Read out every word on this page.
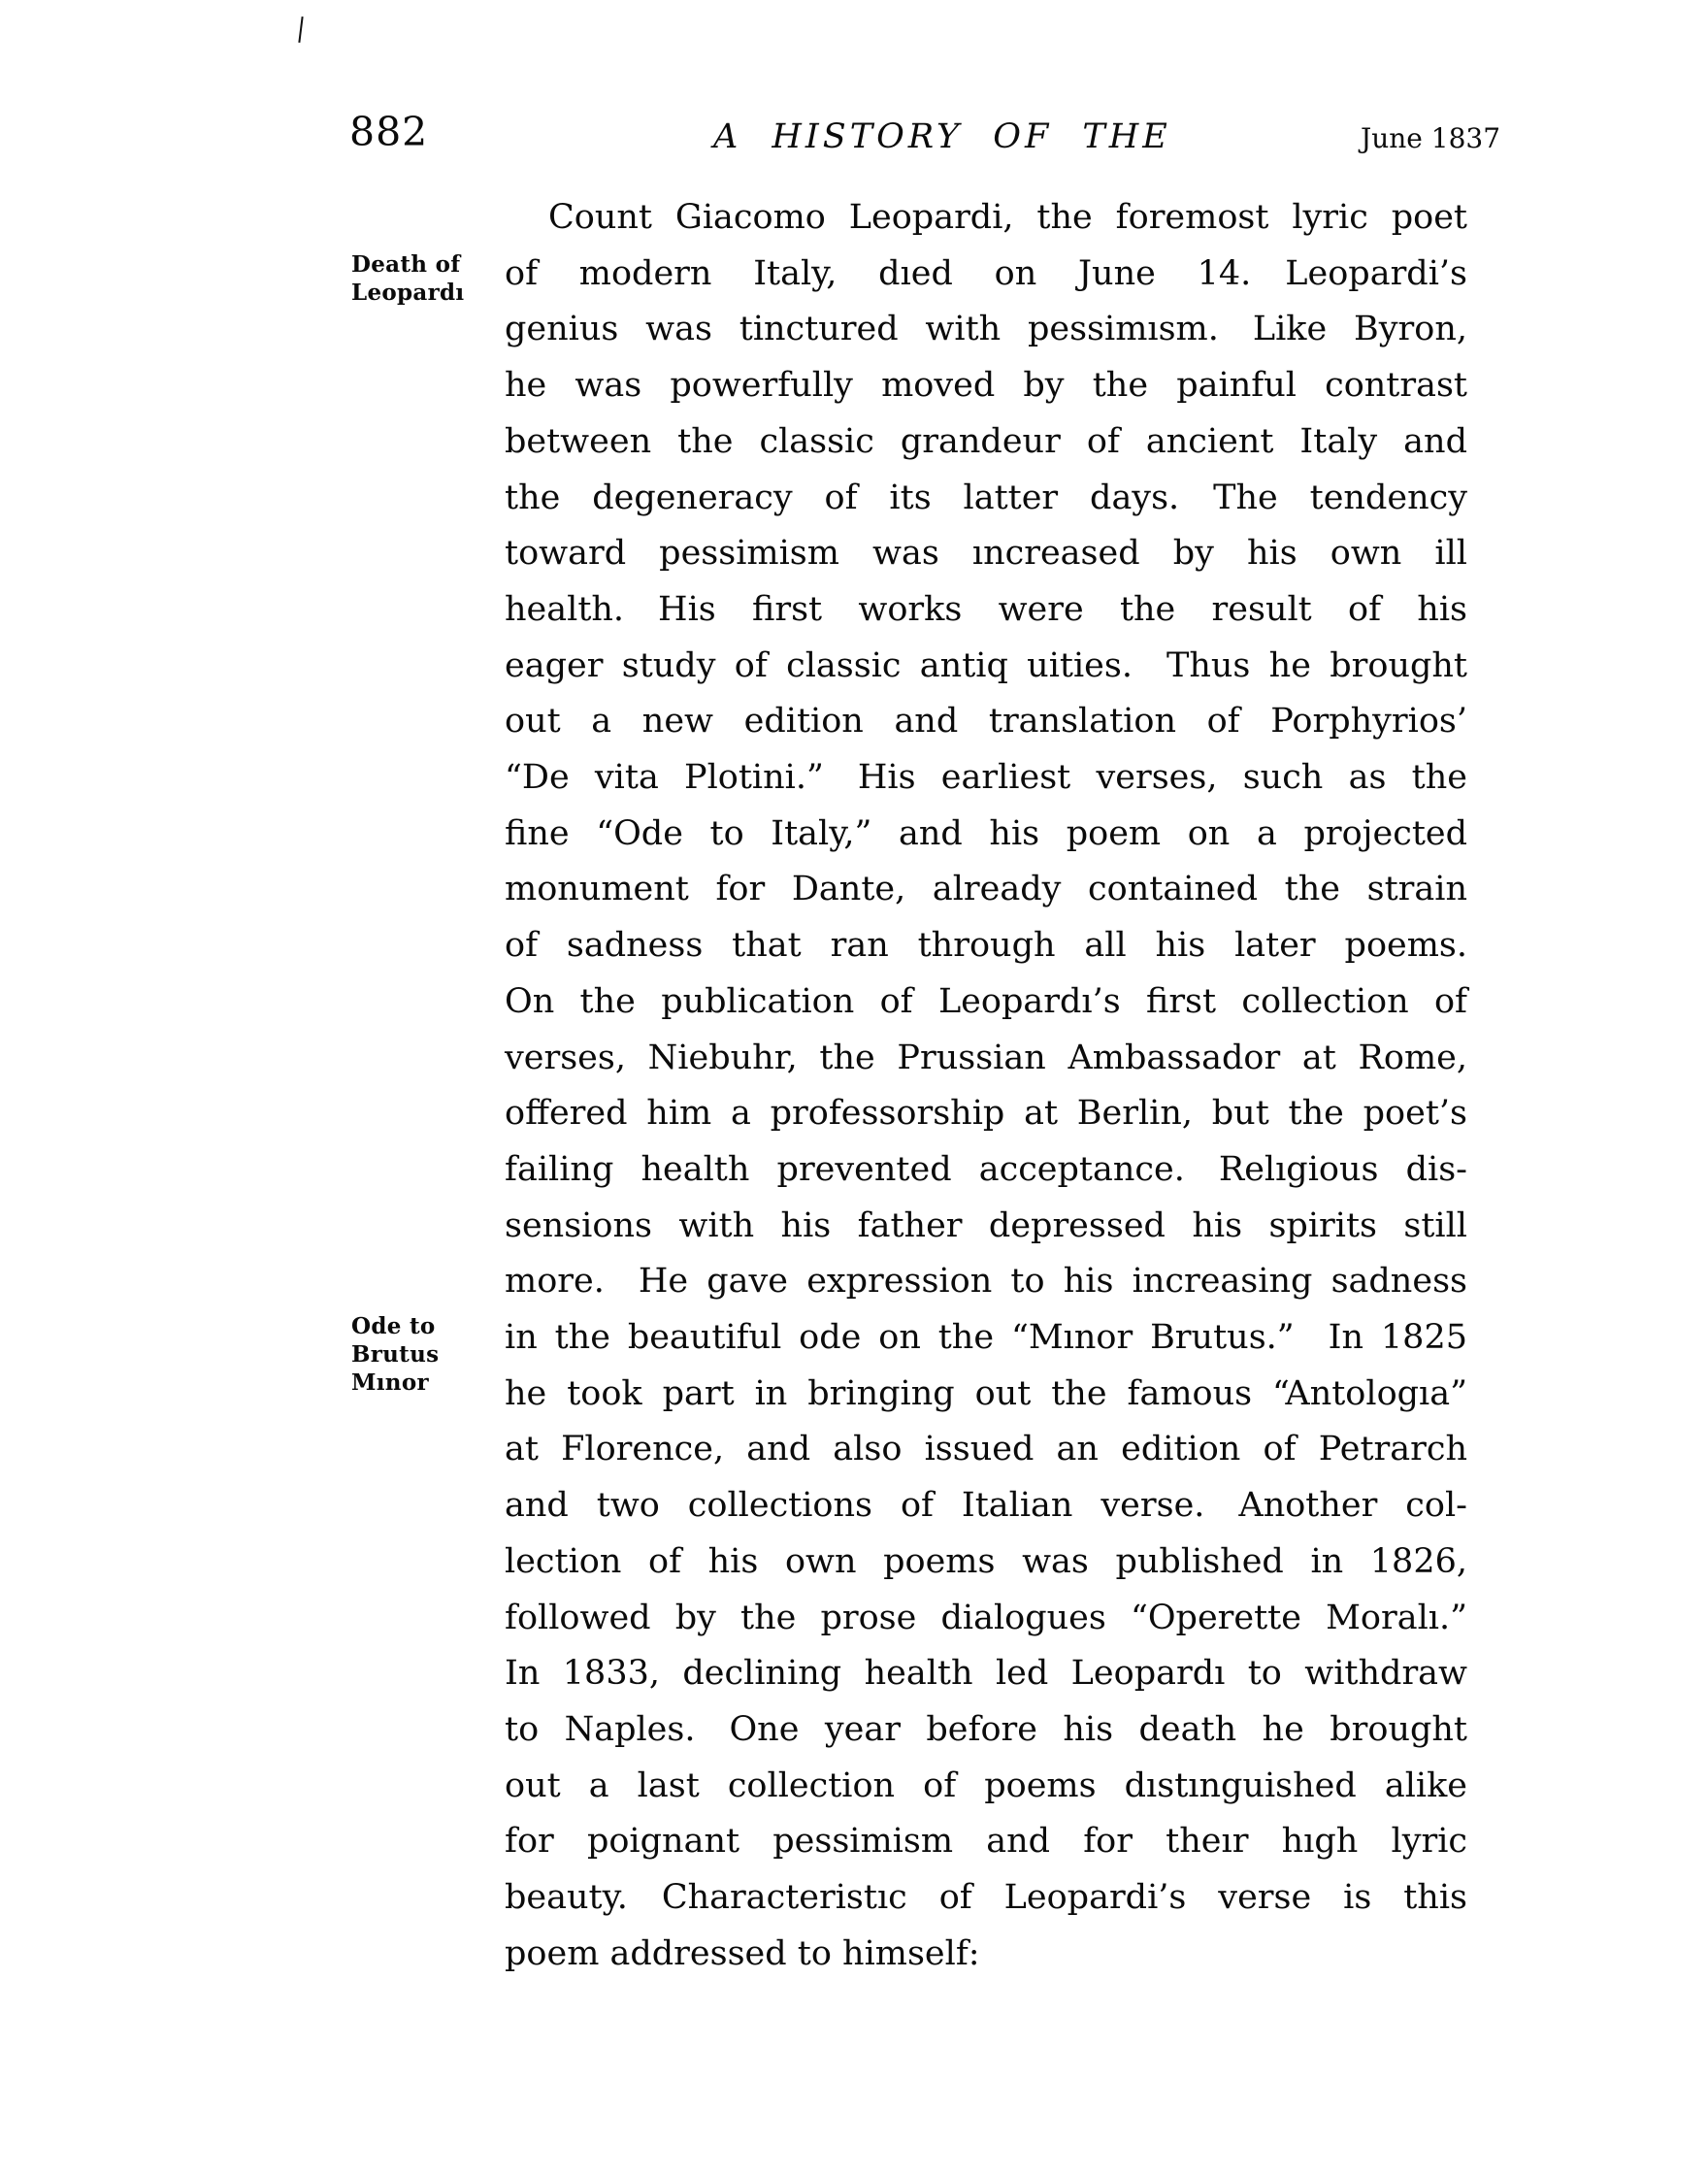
882	A HISTORY OF THE	June 1837
Death of
Leopardı
Ode to
Brutus
Mınor
Count Giacomo Leopardi, the foremost lyric poet
of modern Italy, dıed on June 14. Leopardi’s
genius was tinctured with pessimısm. Like Byron,
he was powerfully moved by the painful contrast
between the classic grandeur of ancient Italy and
the degeneracy of its latter days. The tendency
toward pessimism was ıncreased by his own ill
health. His first works were the result of his
eager study of classic antiq uities. Thus he brought
out a new edition and translation of Porphyrios’
“De vita Plotini.” His earliest verses, such as the
fine “Ode to Italy,” and his poem on a projected
monument for Dante, already contained the strain
of sadness that ran through all his later poems.
On the publication of Leopardı’s first collection of
verses, Niebuhr, the Prussian Ambassador at Rome,
offered him a professorship at Berlin, but the poet’s
failing health prevented acceptance. Relıgious dis-
sensions with his father depressed his spirits still
more. He gave expression to his increasing sadness
in the beautiful ode on the “Mınor Brutus.” In 1825
he took part in bringing out the famous “Antologıa”
at Florence, and also issued an edition of Petrarch
and two collections of Italian verse. Another col-
lection of his own poems was published in 1826,
followed by the prose dialogues “Operette Moralı.”
In 1833, declining health led Leopardı to withdraw
to Naples. One year before his death he brought
out a last collection of poems dıstınguished alike
for poignant pessimism and for theır hıgh lyric
beauty. Characteristıc of Leopardi’s verse is this
poem addressed to himself:
